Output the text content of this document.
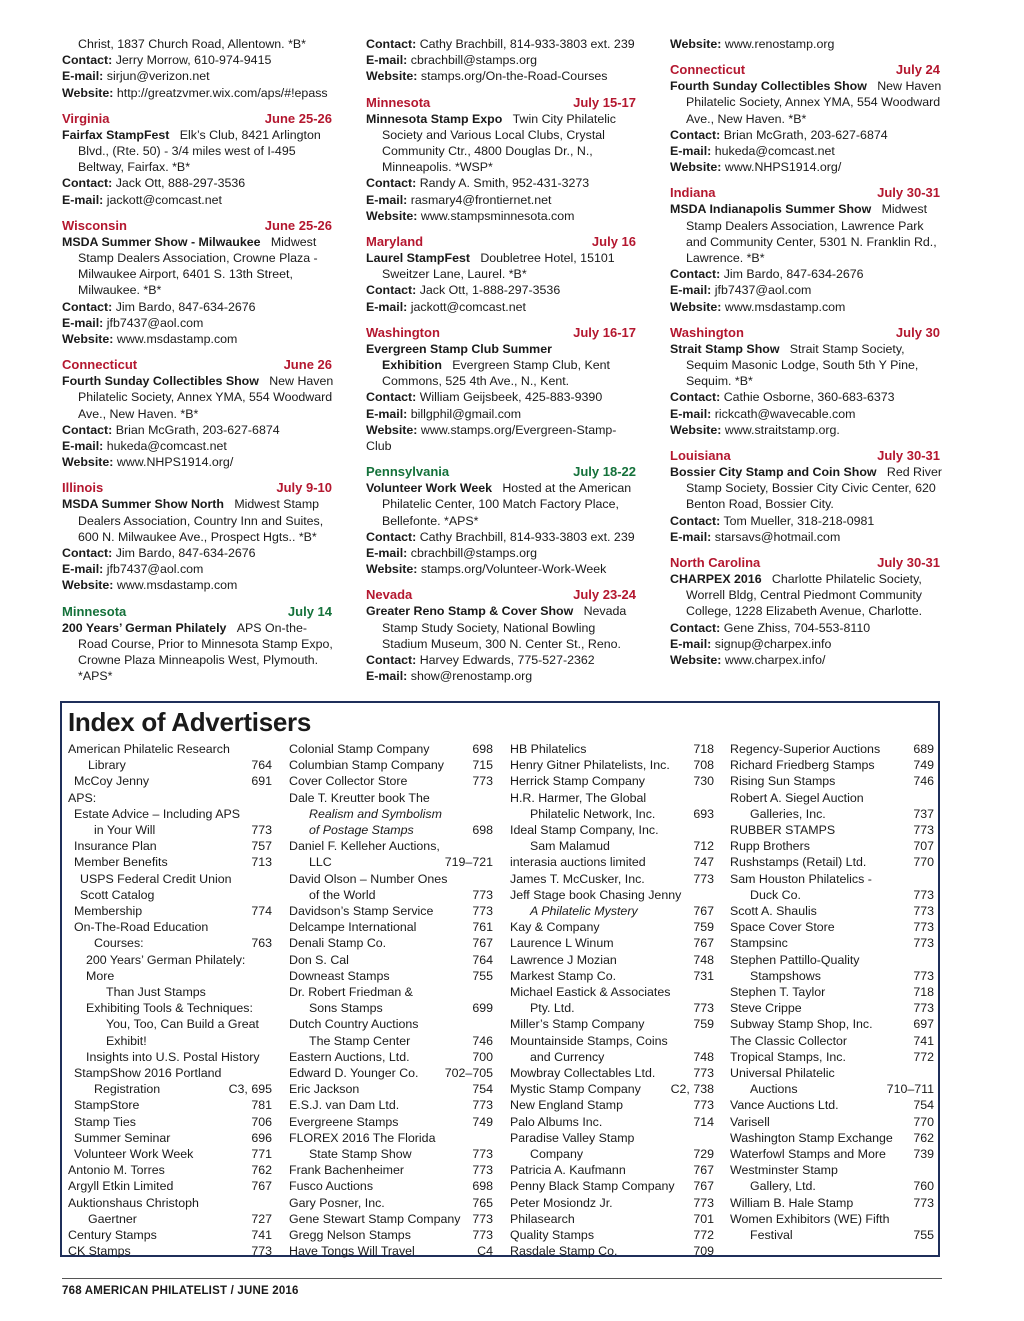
Christ, 1837 Church Road, Allentown. *B*
Contact: Jerry Morrow, 610-974-9415
E-mail: sirjun@verizon.net
Website: http://greatzvmer.wix.com/aps/#!epass
Virginia	June 25-26
Fairfax StampFest Elk’s Club, 8421 Arlington Blvd., (Rte. 50) - 3/4 miles west of I-495 Beltway, Fairfax. *B*
Contact: Jack Ott, 888-297-3536
E-mail: jackott@comcast.net
Wisconsin	June 25-26
MSDA Summer Show - Milwaukee Midwest Stamp Dealers Association, Crowne Plaza - Milwaukee Airport, 6401 S. 13th Street, Milwaukee. *B*
Contact: Jim Bardo, 847-634-2676
E-mail: jfb7437@aol.com
Website: www.msdastamp.com
Connecticut	June 26
Fourth Sunday Collectibles Show New Haven Philatelic Society, Annex YMA, 554 Woodward Ave., New Haven. *B*
Contact: Brian McGrath, 203-627-6874
E-mail: hukeda@comcast.net
Website: www.NHPS1914.org/
Illinois	July 9-10
MSDA Summer Show North Midwest Stamp Dealers Association, Country Inn and Suites, 600 N. Milwaukee Ave., Prospect Hgts.. *B*
Contact: Jim Bardo, 847-634-2676
E-mail: jfb7437@aol.com
Website: www.msdastamp.com
Minnesota	July 14
200 Years’ German Philately APS On-the-Road Course, Prior to Minnesota Stamp Expo, Crowne Plaza Minneapolis West, Plymouth. *APS*
Contact: Cathy Brachbill, 814-933-3803 ext. 239
E-mail: cbrachbill@stamps.org
Website: stamps.org/On-the-Road-Courses
Minnesota	July 15-17
Minnesota Stamp Expo Twin City Philatelic Society and Various Local Clubs, Crystal Community Ctr., 4800 Douglas Dr., N., Minneapolis. *WSP*
Contact: Randy A. Smith, 952-431-3273
E-mail: rasmary4@frontiernet.net
Website: www.stampsminnesota.com
Maryland	July 16
Laurel StampFest Doubletree Hotel, 15101 Sweitzer Lane, Laurel. *B*
Contact: Jack Ott, 1-888-297-3536
E-mail: jackott@comcast.net
Washington	July 16-17
Evergreen Stamp Club Summer Exhibition Evergreen Stamp Club, Kent Commons, 525 4th Ave., N., Kent.
Contact: William Geijsbeek, 425-883-9390
E-mail: billgphil@gmail.com
Website: www.stamps.org/Evergreen-Stamp-Club
Pennsylvania	July 18-22
Volunteer Work Week Hosted at the American Philatelic Center, 100 Match Factory Place, Bellefonte. *APS*
Contact: Cathy Brachbill, 814-933-3803 ext. 239
E-mail: cbrachbill@stamps.org
Website: stamps.org/Volunteer-Work-Week
Nevada	July 23-24
Greater Reno Stamp & Cover Show Nevada Stamp Study Society, National Bowling Stadium Museum, 300 N. Center St., Reno.
Contact: Harvey Edwards, 775-527-2362
E-mail: show@renostamp.org
Website: www.renostamp.org
Connecticut	July 24
Fourth Sunday Collectibles Show New Haven Philatelic Society, Annex YMA, 554 Woodward Ave., New Haven. *B*
Contact: Brian McGrath, 203-627-6874
E-mail: hukeda@comcast.net
Website: www.NHPS1914.org/
Indiana	July 30-31
MSDA Indianapolis Summer Show Midwest Stamp Dealers Association, Lawrence Park and Community Center, 5301 N. Franklin Rd., Lawrence. *B*
Contact: Jim Bardo, 847-634-2676
E-mail: jfb7437@aol.com
Website: www.msdastamp.com
Washington	July 30
Strait Stamp Show Strait Stamp Society, Sequim Masonic Lodge, South 5th Y Pine, Sequim. *B*
Contact: Cathie Osborne, 360-683-6373
E-mail: rickcath@wavecable.com
Website: www.straitstamp.org.
Louisiana	July 30-31
Bossier City Stamp and Coin Show Red River Stamp Society, Bossier City Civic Center, 620 Benton Road, Bossier City.
Contact: Tom Mueller, 318-218-0981
E-mail: starsavs@hotmail.com
North Carolina	July 30-31
CHARPEX 2016 Charlotte Philatelic Society, Worrell Bldg, Central Piedmont Community College, 1228 Elizabeth Avenue, Charlotte.
Contact: Gene Zhiss, 704-553-8110
E-mail: signup@charpex.info
Website: www.charpex.info/
Index of Advertisers
American Philatelic Research
Library	764
McCoy Jenny	691
APS:
Estate Advice – Including APS
in Your Will	773
Insurance Plan	757
Member Benefits	713
USPS Federal Credit Union
Scott Catalog
Membership	774
On-The-Road Education
Courses:	763
200 Years’ German Philately: More
Than Just Stamps
Exhibiting Tools & Techniques:
You, Too, Can Build a Great
Exhibit!
Insights into U.S. Postal History
StampShow 2016 Portland
Registration	C3, 695
StampStore	781
Stamp Ties	706
Summer Seminar	696
Volunteer Work Week	771
Antonio M. Torres	762
Argyll Etkin Limited	767
Auktionshaus Christoph
Gaertner	727
Century Stamps	741
CK Stamps	773
Colonial Stamp Company	698
Columbian Stamp Company	715
Cover Collector Store	773
Dale T. Kreutter book The
Realism and Symbolism
of Postage Stamps	698
Daniel F. Kelleher Auctions,
LLC	719–721
David Olson – Number Ones
of the World	773
Davidson’s Stamp Service	773
Delcampe International	761
Denali Stamp Co.	767
Don S. Cal	764
Downeast Stamps	755
Dr. Robert Friedman &
Sons Stamps	699
Dutch Country Auctions
The Stamp Center	746
Eastern Auctions, Ltd.	700
Edward D. Younger Co.	702–705
Eric Jackson	754
E.S.J. van Dam Ltd.	773
Evergreene Stamps	749
FLOREX 2016 The Florida
State Stamp Show	773
Frank Bachenheimer	773
Fusco Auctions	698
Gary Posner, Inc.	765
Gene Stewart Stamp Company 773
Gregg Nelson Stamps	773
Have Tongs Will Travel	C4
HB Philatelics	718
Henry Gitner Philatelists, Inc.	708
Herrick Stamp Company	730
H.R. Harmer, The Global
Philatelic Network, Inc.	693
Ideal Stamp Company, Inc.
Sam Malamud	712
interasia auctions limited	747
James T. McCusker, Inc.	773
Jeff Stage book Chasing Jenny
A Philatelic Mystery	767
Kay & Company	759
Laurence L Winum	767
Lawrence J Mozian	748
Markest Stamp Co.	731
Michael Eastick & Associates
Pty. Ltd.	773
Miller’s Stamp Company	759
Mountainside Stamps, Coins
and Currency	748
Mowbray Collectables Ltd.	773
Mystic Stamp Company	C2, 738
New England Stamp	773
Palo Albums Inc.	714
Paradise Valley Stamp
Company	729
Patricia A. Kaufmann	767
Penny Black Stamp Company	767
Peter Mosiondz Jr.	773
Philasearch	701
Quality Stamps	772
Rasdale Stamp Co.	709
Regency-Superior Auctions	689
Richard Friedberg Stamps	749
Rising Sun Stamps	746
Robert A. Siegel Auction
Galleries, Inc.	737
RUBBER STAMPS	773
Rupp Brothers	707
Rushstamps (Retail) Ltd.	770
Sam Houston Philatelics -
Duck Co.	773
Scott A. Shaulis	773
Space Cover Store	773
Stampsinc	773
Stephen Pattillo-Quality
Stampshows	773
Stephen T. Taylor	718
Steve Crippe	773
Subway Stamp Shop, Inc.	697
The Classic Collector	741
Tropical Stamps, Inc.	772
Universal Philatelic
Auctions	710–711
Vance Auctions Ltd.	754
Varisell	770
Washington Stamp Exchange	762
Waterfowl Stamps and More	739
Westminster Stamp
Gallery, Ltd.	760
William B. Hale Stamp	773
Women Exhibitors (WE) Fifth
Festival	755
768 AMERICAN PHILATELIST / JUNE 2016
